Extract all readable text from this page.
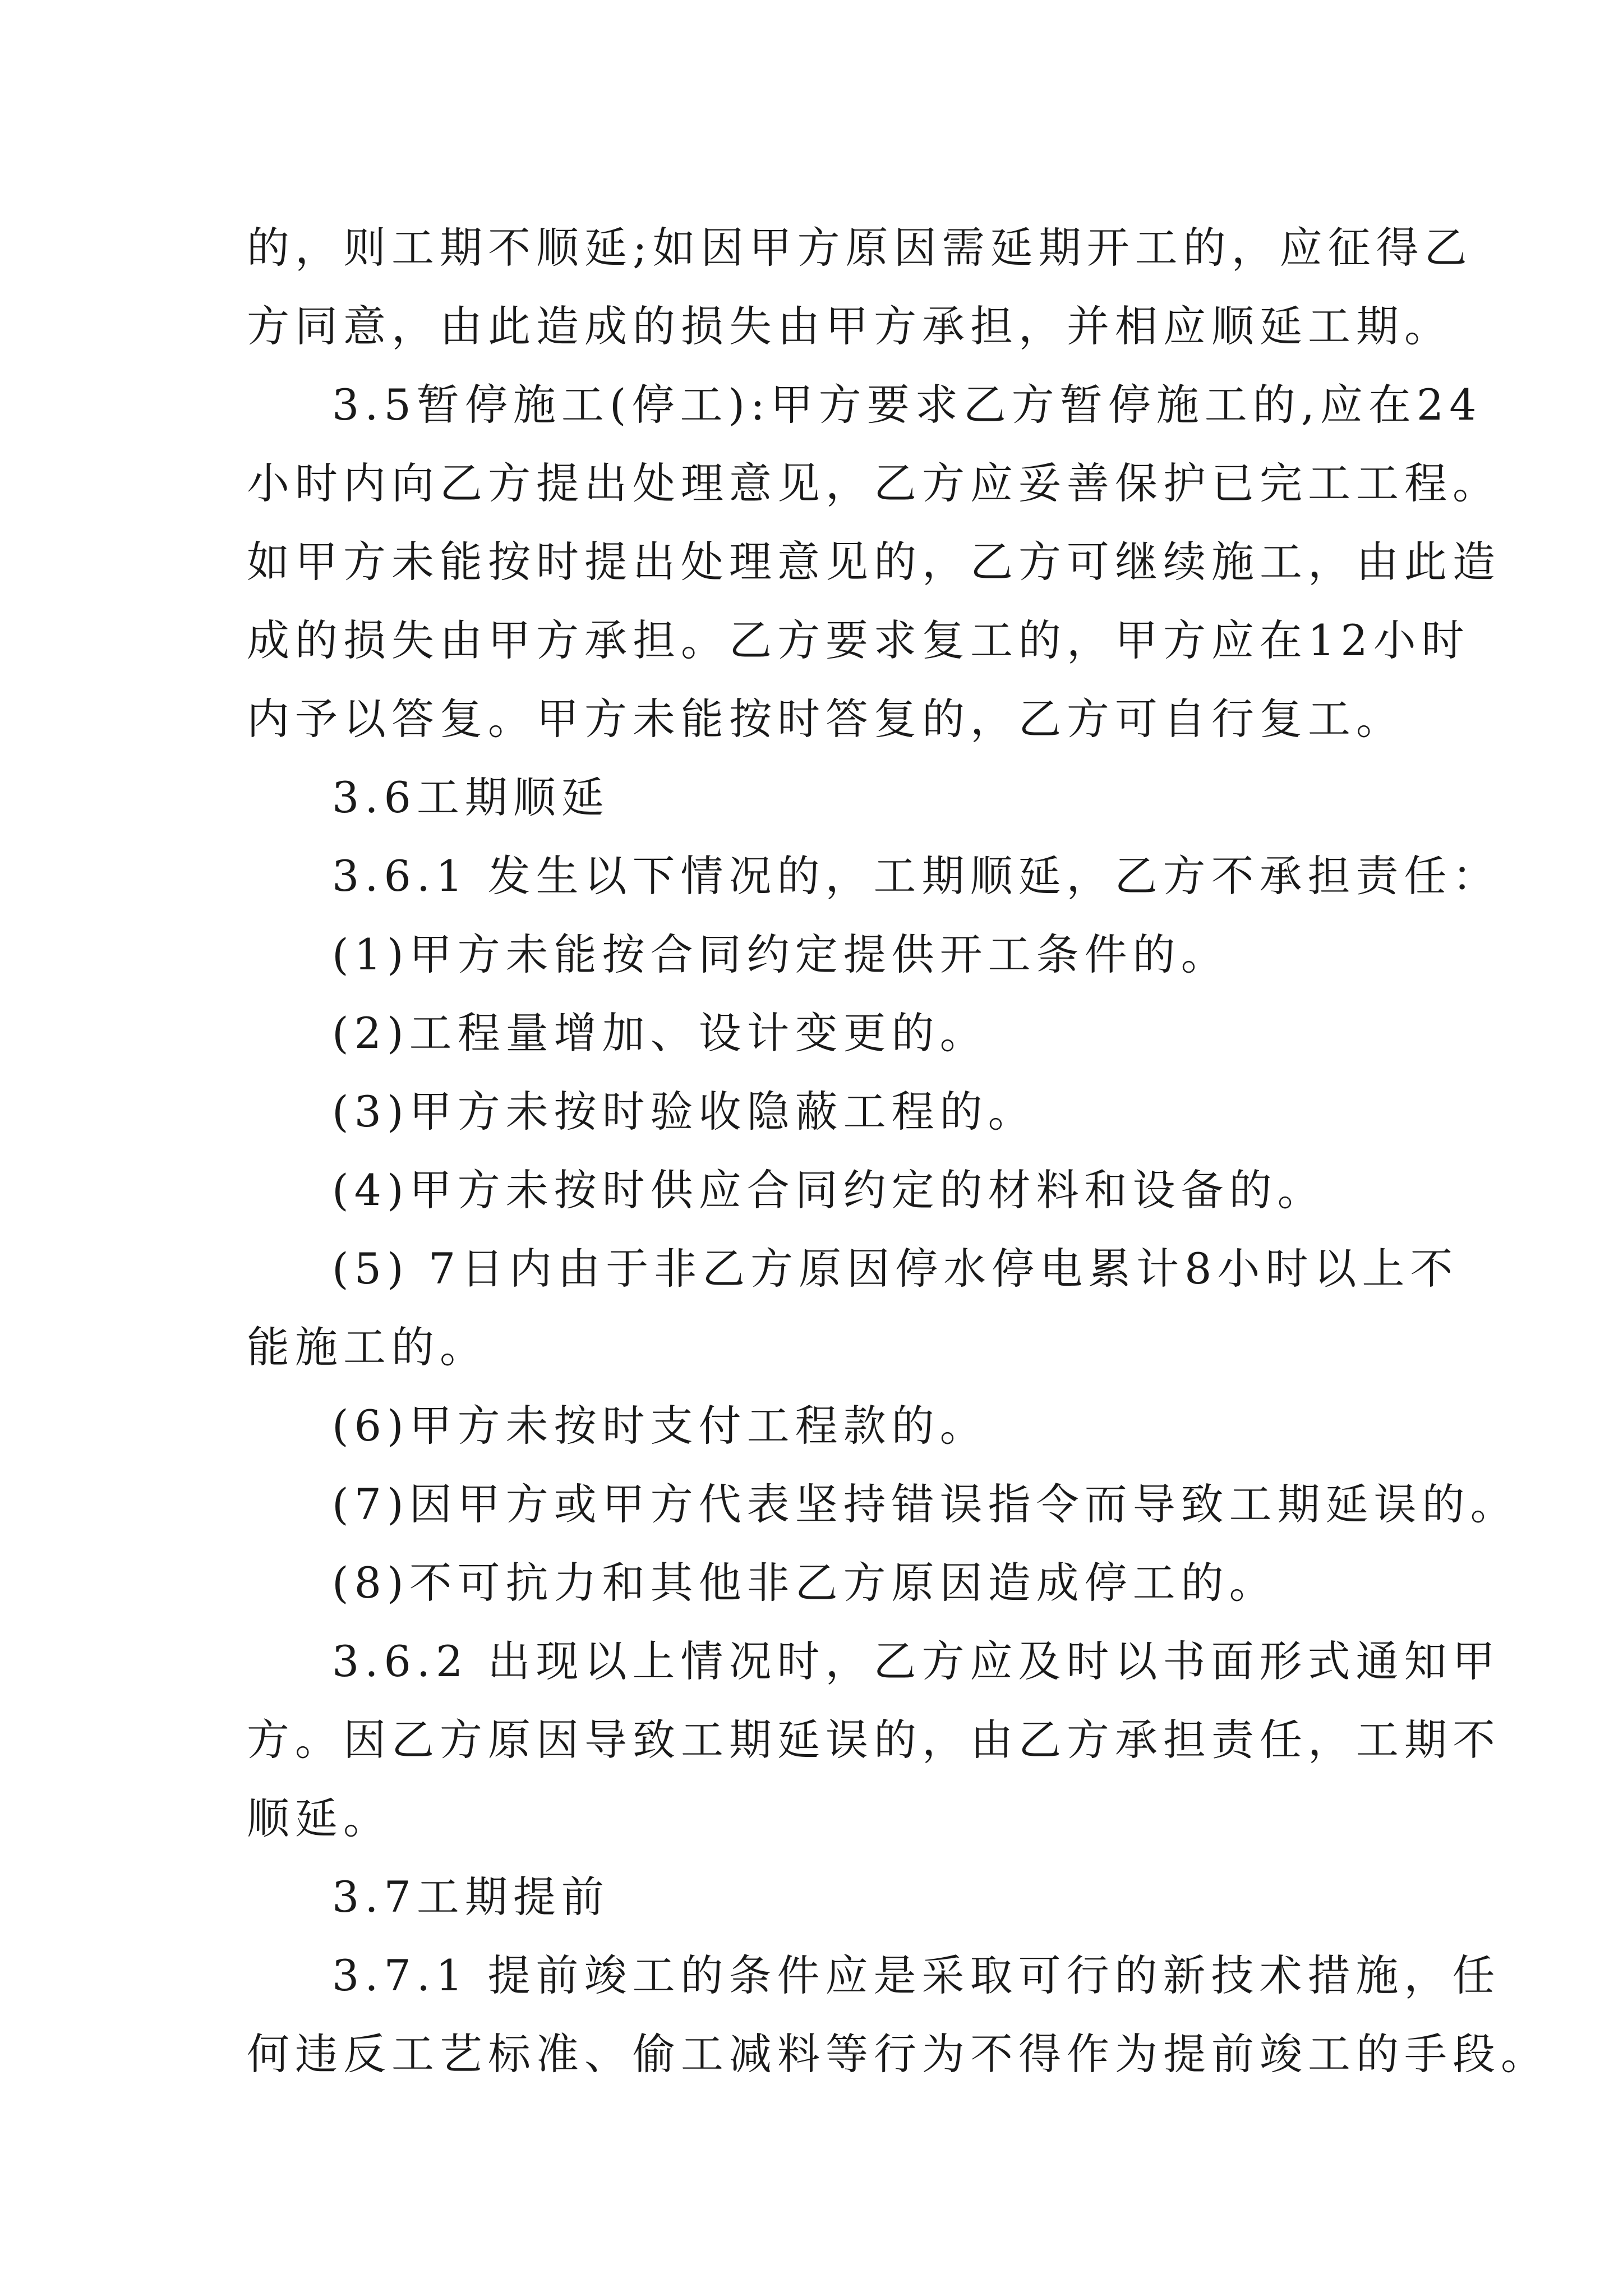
的，则工期不顺延;如因甲方原因需延期开工的，应征得乙
方同意，由此造成的损失由甲方承担，并相应顺延工期。
3.5暂停施工(停工):甲方要求乙方暂停施工的,应在24
小时内向乙方提出处理意见，乙方应妥善保护已完工工程。
如甲方未能按时提出处理意见的，乙方可继续施工，由此造
成的损失由甲方承担。乙方要求复工的，甲方应在12小时
内予以答复。甲方未能按时答复的，乙方可自行复工。
3.6工期顺延
3.6.1 发生以下情况的，工期顺延，乙方不承担责任：
(1)甲方未能按合同约定提供开工条件的。
(2)工程量增加、设计变更的。
(3)甲方未按时验收隐蔽工程的。
(4)甲方未按时供应合同约定的材料和设备的。
(5) 7日内由于非乙方原因停水停电累计8小时以上不
能施工的。
(6)甲方未按时支付工程款的。
(7)因甲方或甲方代表坚持错误指令而导致工期延误的。
(8)不可抗力和其他非乙方原因造成停工的。
3.6.2 出现以上情况时，乙方应及时以书面形式通知甲
方。因乙方原因导致工期延误的，由乙方承担责任，工期不
顺延。
3.7工期提前
3.7.1 提前竣工的条件应是采取可行的新技术措施，任
何违反工艺标准、偷工减料等行为不得作为提前竣工的手段。
